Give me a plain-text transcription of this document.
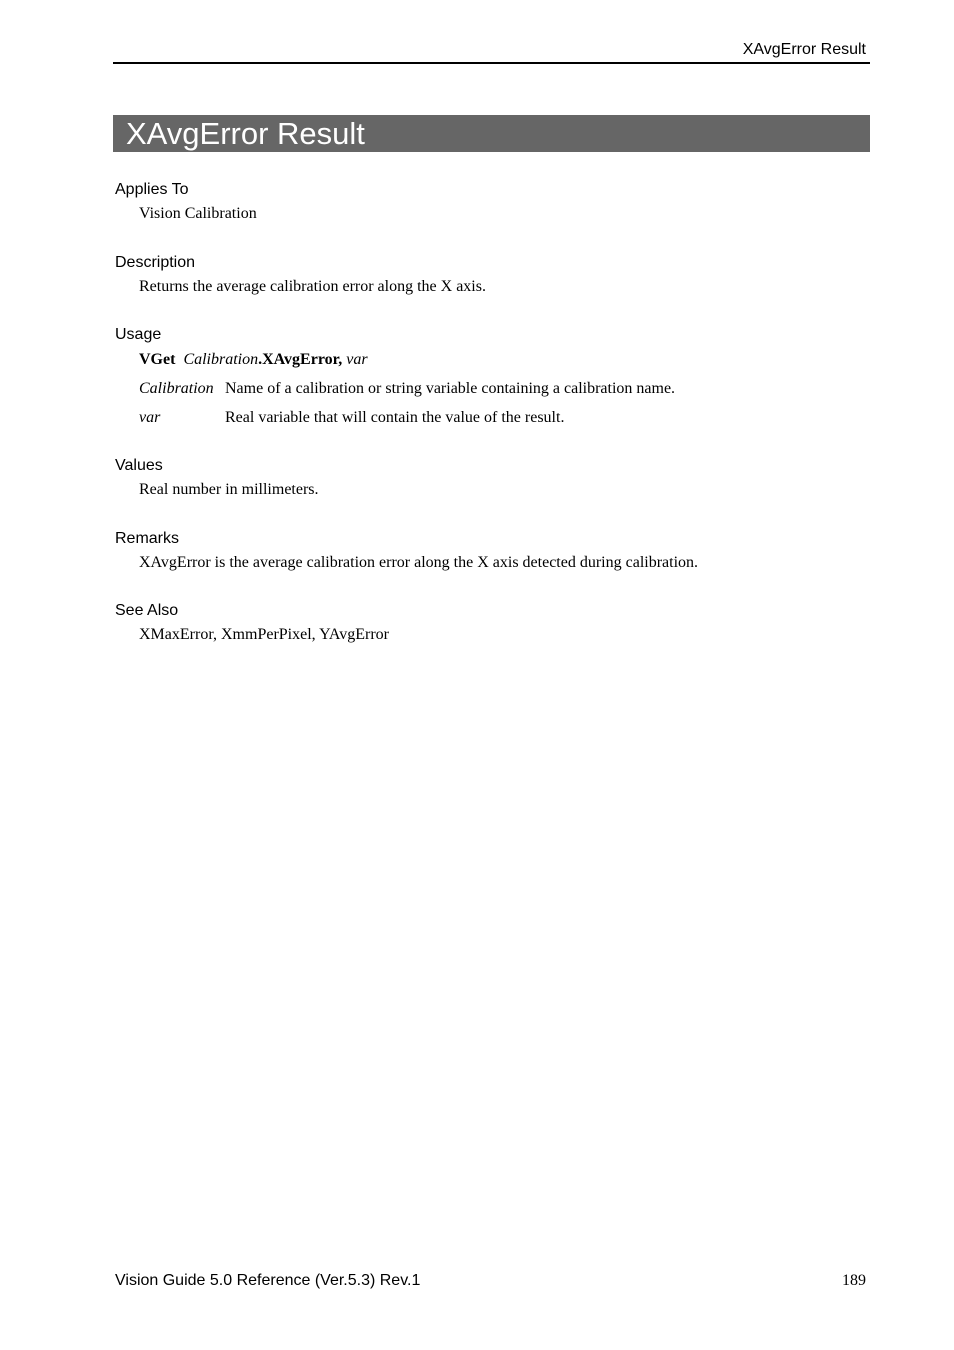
XAvgError Result
XAvgError Result

Applies To

Vision Calibration

Description

Returns the average calibration error along the X axis.

Usage

VGet Calibration.XAvgError, var

Calibration Name of a calibration or string variable containing a calibration name.
var	Real variable that will contain the value of the result.

Values

Real number in millimeters.

Remarks

XAvgError is the average calibration error along the X axis detected during calibration.

See Also

XMaxError, XmmPerPixel, YAvgError

Vision Guide 5.0 Reference (Ver.5.3) Rev.1	189
